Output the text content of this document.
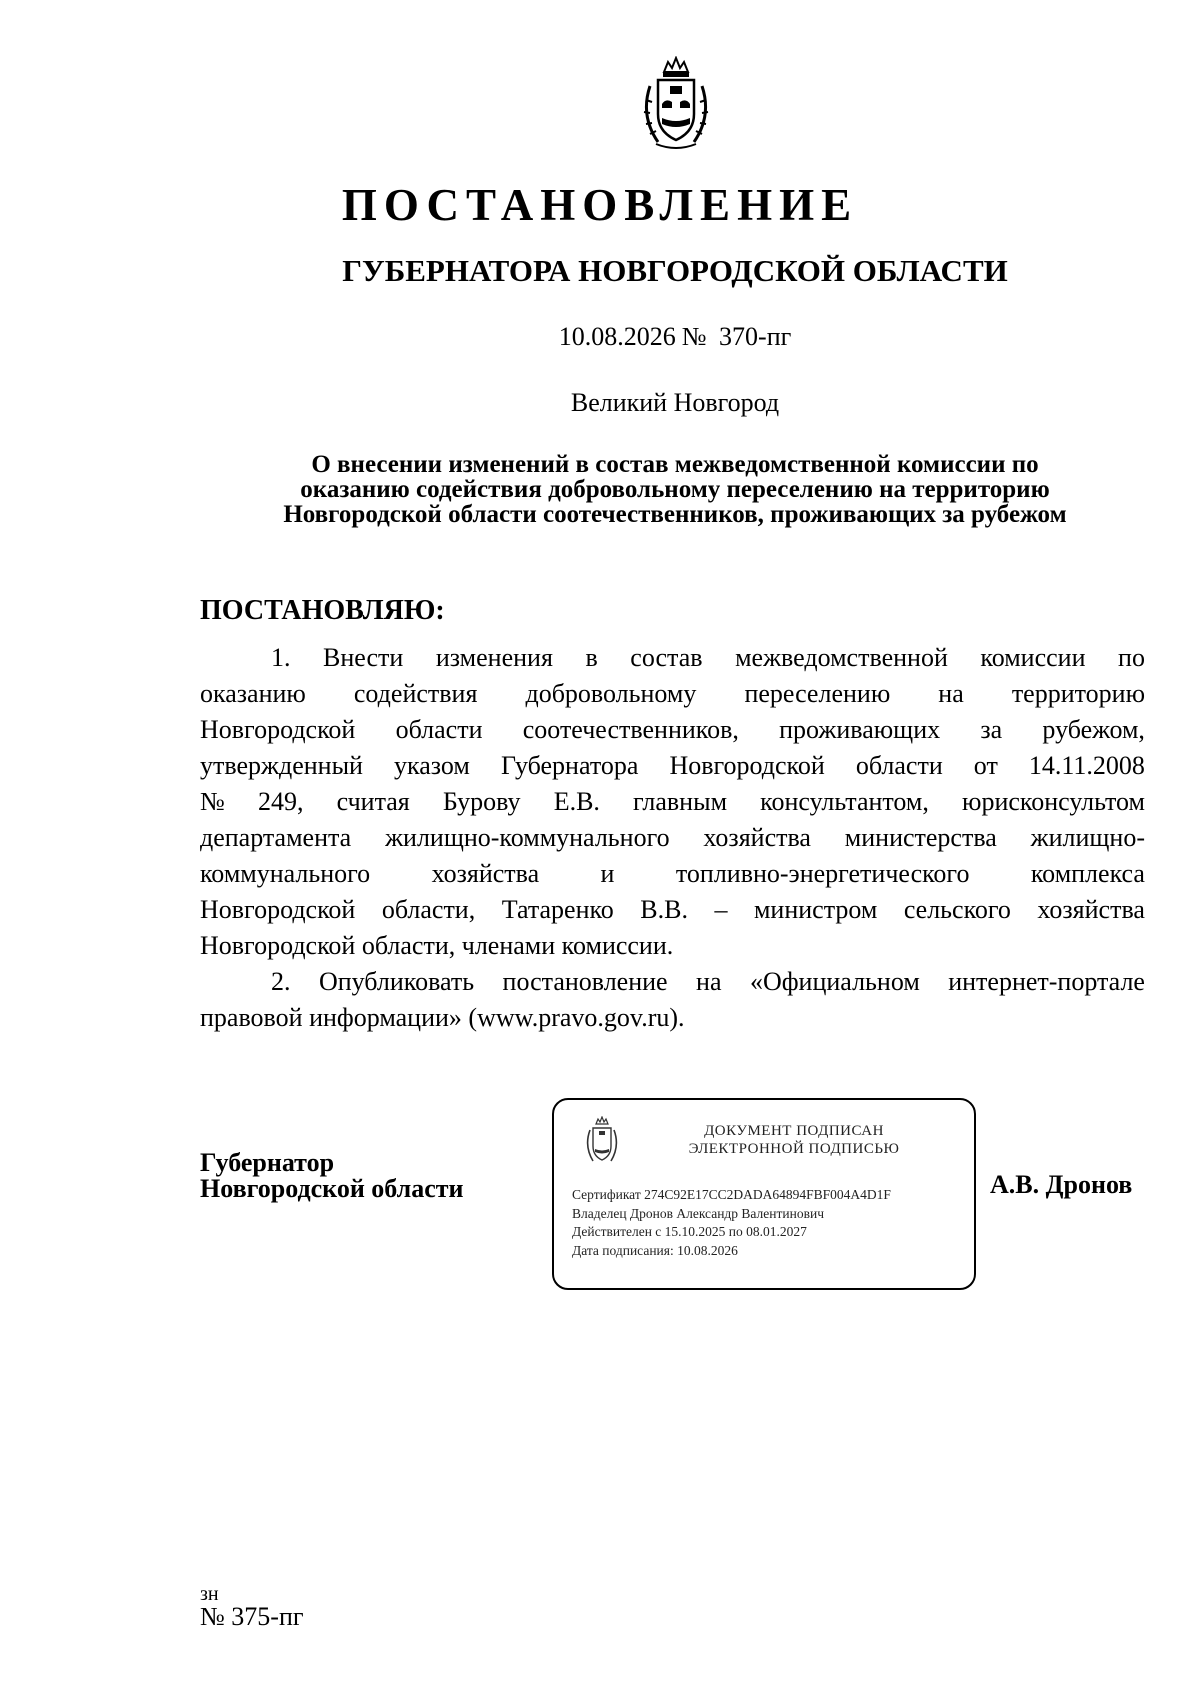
ПОСТАНОВЛЕНИЕ
ГУБЕРНАТОРА НОВГОРОДСКОЙ ОБЛАСТИ
10.08.2026 № 370-пг
Великий Новгород
О внесении изменений в состав межведомственной комиссии по
оказанию содействия добровольному переселению на территорию
Новгородской области соотечественников, проживающих за рубежом
ПОСТАНОВЛЯЮ:
1. Внести изменения в состав межведомственной комиссии по
оказанию содействия добровольному переселению на территорию
Новгородской области соотечественников, проживающих за рубежом,
утвержденный указом Губернатора Новгородской области от 14.11.2008
№ 249, считая Бурову Е.В. главным консультантом, юрисконсультом
департамента жилищно-коммунального хозяйства министерства жилищно-
коммунального хозяйства и топливно-энергетического комплекса
Новгородской области, Татаренко В.В. – министром сельского хозяйства
Новгородской области, членами комиссии.
2. Опубликовать постановление на «Официальном интернет-портале
правовой информации» (www.pravo.gov.ru).
Губернатор
Новгородской области
ДОКУМЕНТ ПОДПИСАН
ЭЛЕКТРОННОЙ ПОДПИСЬЮ
Сертификат 274C92E17CC2DADA64894FBF004A4D1F
Владелец Дронов Александр Валентинович
Действителен с 15.10.2025 по 08.01.2027
Дата подписания: 10.08.2026
А.В. Дронов
зн
№ 375-пг
